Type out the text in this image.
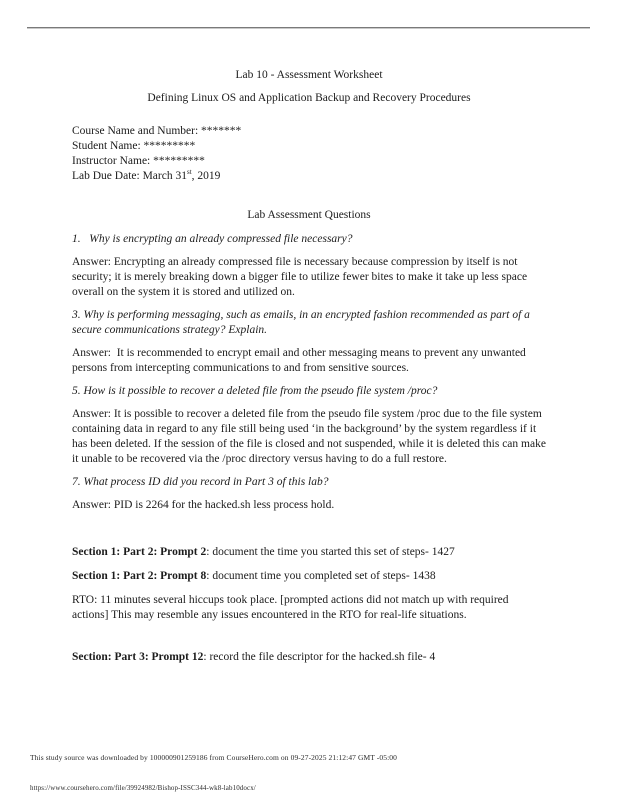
Lab 10 - Assessment Worksheet
Defining Linux OS and Application Backup and Recovery Procedures
Course Name and Number: *******
Student Name: *********
Instructor Name: *********
Lab Due Date: March 31st, 2019
Lab Assessment Questions
1.   Why is encrypting an already compressed file necessary?
Answer: Encrypting an already compressed file is necessary because compression by itself is not security; it is merely breaking down a bigger file to utilize fewer bites to make it take up less space overall on the system it is stored and utilized on.
3. Why is performing messaging, such as emails, in an encrypted fashion recommended as part of a secure communications strategy? Explain.
Answer:  It is recommended to encrypt email and other messaging means to prevent any unwanted persons from intercepting communications to and from sensitive sources.
5. How is it possible to recover a deleted file from the pseudo file system /proc?
Answer: It is possible to recover a deleted file from the pseudo file system /proc due to the file system containing data in regard to any file still being used ‘in the background’ by the system regardless if it has been deleted. If the session of the file is closed and not suspended, while it is deleted this can make it unable to be recovered via the /proc directory versus having to do a full restore.
7. What process ID did you record in Part 3 of this lab?
Answer: PID is 2264 for the hacked.sh less process hold.
Section 1: Part 2: Prompt 2: document the time you started this set of steps- 1427
Section 1: Part 2: Prompt 8: document time you completed set of steps- 1438
RTO: 11 minutes several hiccups took place. [prompted actions did not match up with required actions] This may resemble any issues encountered in the RTO for real-life situations.
Section: Part 3: Prompt 12: record the file descriptor for the hacked.sh file- 4
This study source was downloaded by 100000901259186 from CourseHero.com on 09-27-2025 21:12:47 GMT -05:00
https://www.coursehero.com/file/39924982/Bishop-ISSC344-wk8-lab10docx/
